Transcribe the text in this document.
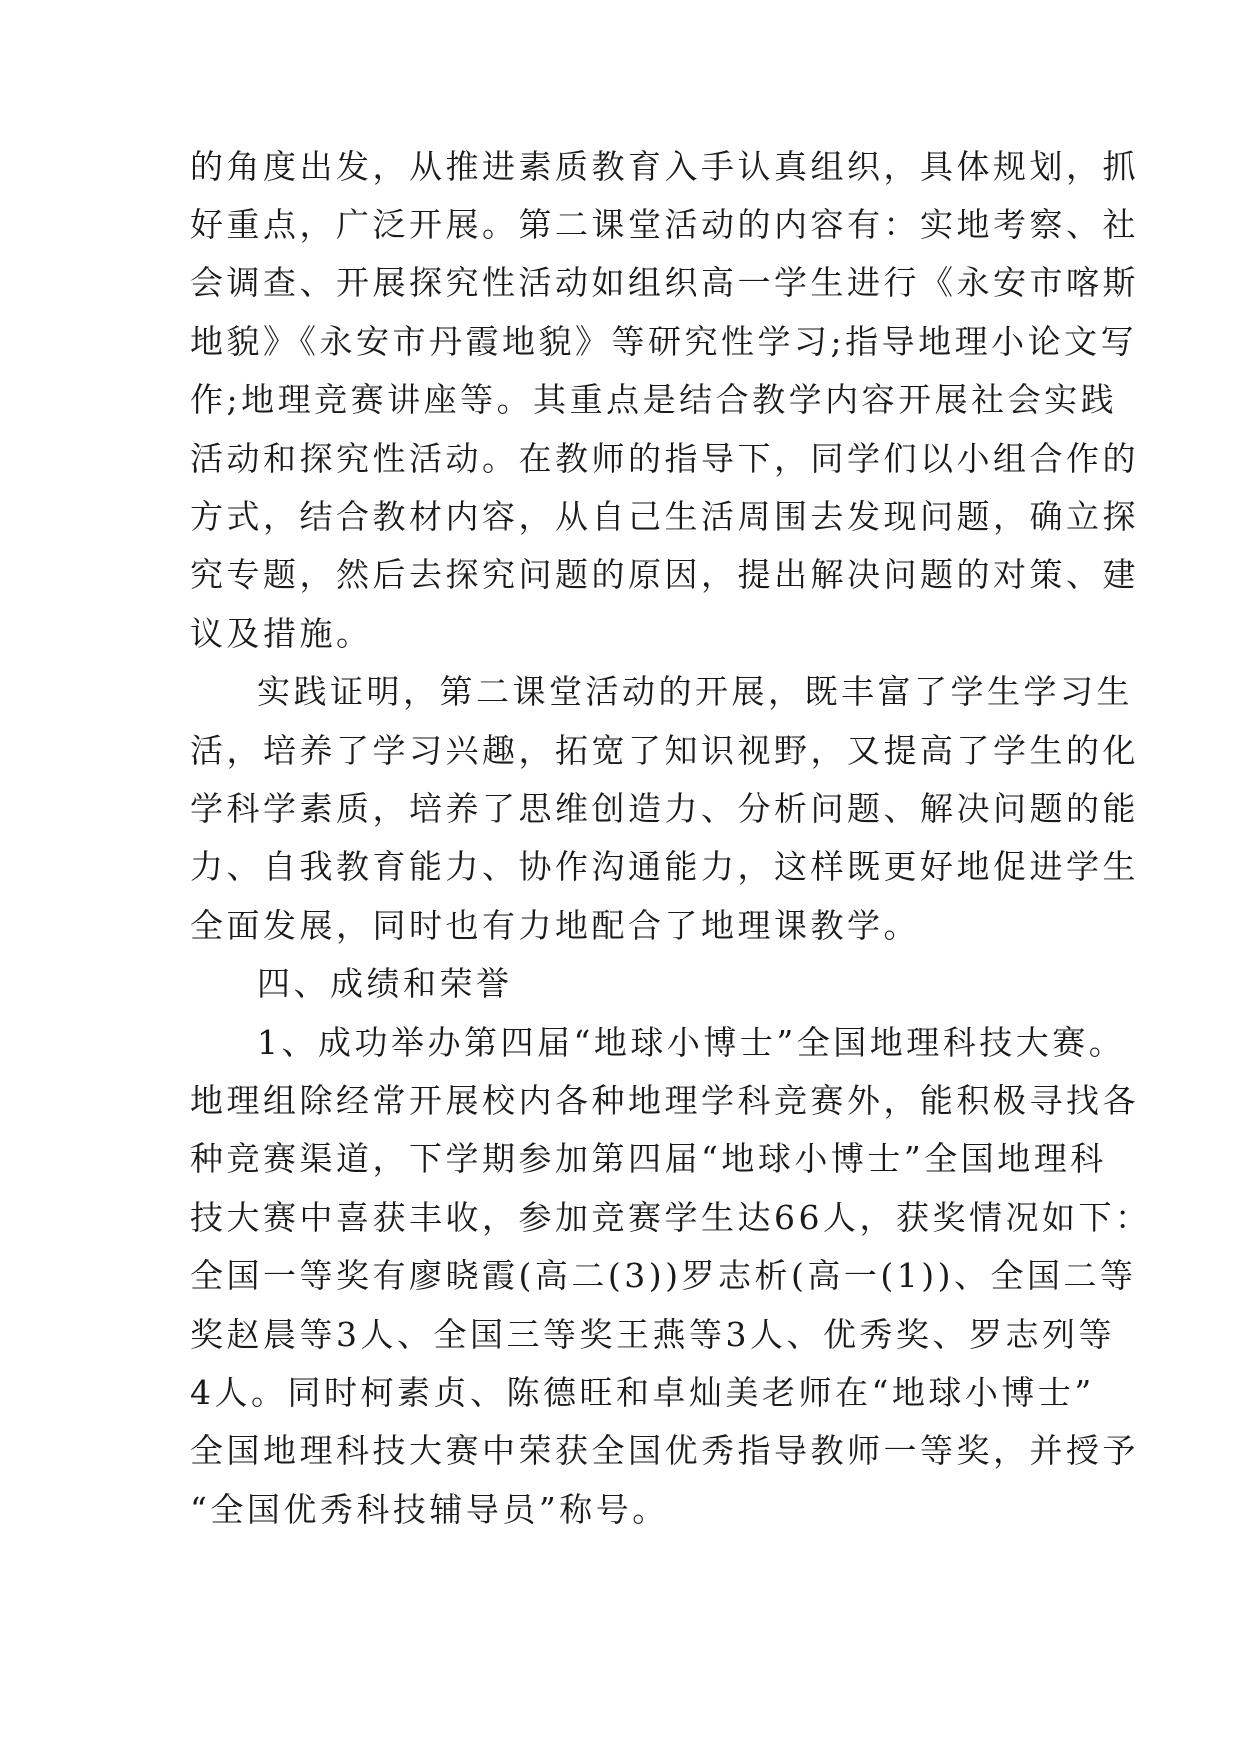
的角度出发，从推进素质教育入手认真组织，具体规划，抓
好重点，广泛开展。第二课堂活动的内容有：实地考察、社
会调查、开展探究性活动如组织高一学生进行《永安市喀斯
地貌》《永安市丹霞地貌》等研究性学习;指导地理小论文写
作;地理竞赛讲座等。其重点是结合教学内容开展社会实践
活动和探究性活动。在教师的指导下，同学们以小组合作的
方式，结合教材内容，从自己生活周围去发现问题，确立探
究专题，然后去探究问题的原因，提出解决问题的对策、建
议及措施。
实践证明，第二课堂活动的开展，既丰富了学生学习生
活，培养了学习兴趣，拓宽了知识视野，又提高了学生的化
学科学素质，培养了思维创造力、分析问题、解决问题的能
力、自我教育能力、协作沟通能力，这样既更好地促进学生
全面发展，同时也有力地配合了地理课教学。
四、成绩和荣誉
1、成功举办第四届“地球小博士”全国地理科技大赛。
地理组除经常开展校内各种地理学科竞赛外，能积极寻找各
种竞赛渠道，下学期参加第四届“地球小博士”全国地理科
技大赛中喜获丰收，参加竞赛学生达66人，获奖情况如下：
全国一等奖有廖晓霞(高二(3))罗志析(高一(1))、全国二等
奖赵晨等3人、全国三等奖王燕等3人、优秀奖、罗志列等
4人。同时柯素贞、陈德旺和卓灿美老师在“地球小博士”
全国地理科技大赛中荣获全国优秀指导教师一等奖，并授予
“全国优秀科技辅导员”称号。
